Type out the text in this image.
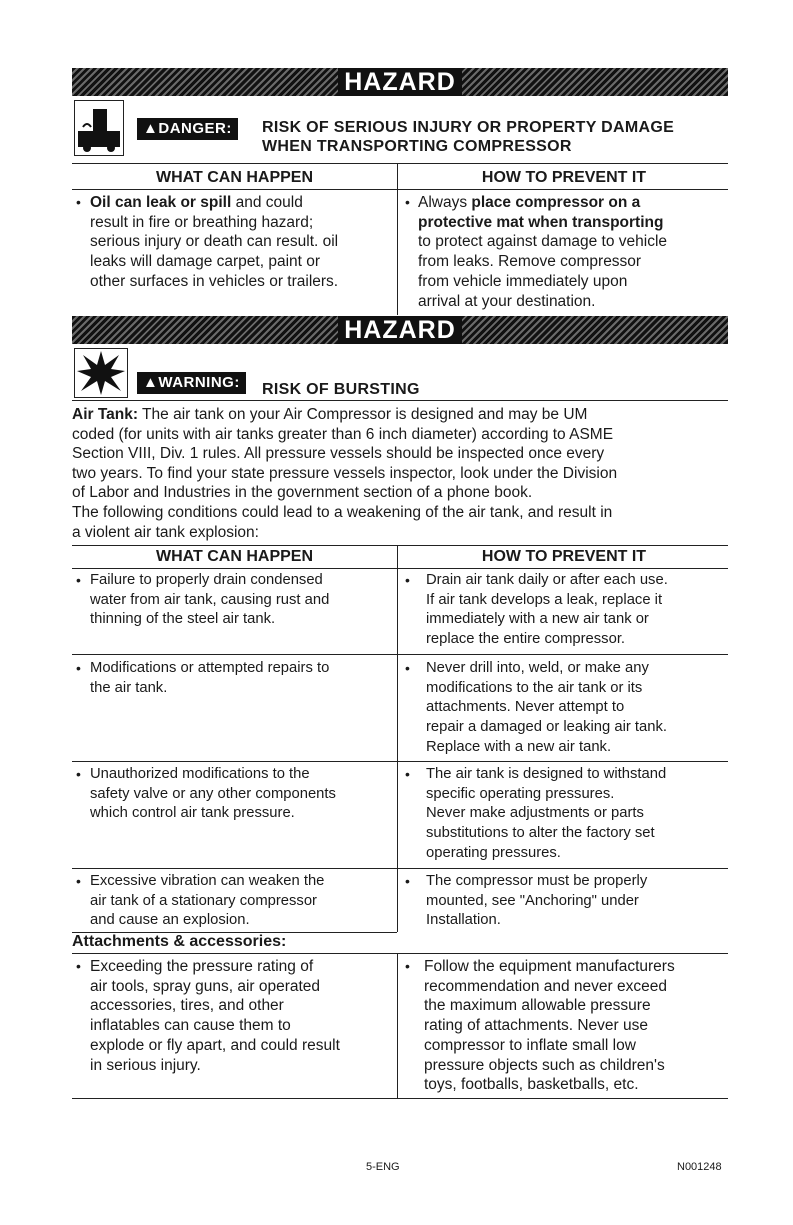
HAZARD
▲DANGER:	RISK OF SERIOUS INJURY OR PROPERTY DAMAGE
WHEN TRANSPORTING COMPRESSOR
WHAT CAN HAPPEN	HOW TO PREVENT IT
• Oil can leak or spill and could
result in fire or breathing hazard;
serious injury or death can result. oil
leaks will damage carpet, paint or
other surfaces in vehicles or trailers.
• Always place compressor on a
protective mat when transporting
to protect against damage to vehicle
from leaks. Remove compressor
from vehicle immediately upon
arrival at your destination.
HAZARD
▲WARNING:	RISK OF BURSTING
Air Tank: The air tank on your Air Compressor is designed and may be UM
coded (for units with air tanks greater than 6 inch diameter) according to ASME
Section VIII, Div. 1 rules. All pressure vessels should be inspected once every
two years. To find your state pressure vessels inspector, look under the Division
of Labor and Industries in the government section of a phone book.
The following conditions could lead to a weakening of the air tank, and result in
a violent air tank explosion:
WHAT CAN HAPPEN	HOW TO PREVENT IT
• Failure to properly drain condensed
water from air tank, causing rust and
thinning of the steel air tank.
• Drain air tank daily or after each use.
If air tank develops a leak, replace it
immediately with a new air tank or
replace the entire compressor.
• Modifications or attempted repairs to
the air tank.
• Never drill into, weld, or make any
modifications to the air tank or its
attachments. Never attempt to
repair a damaged or leaking air tank.
Replace with a new air tank.
• Unauthorized modifications to the
safety valve or any other components
which control air tank pressure.
• The air tank is designed to withstand
specific operating pressures.
Never make adjustments or parts
substitutions to alter the factory set
operating pressures.
• Excessive vibration can weaken the
air tank of a stationary compressor
and cause an explosion.
• The compressor must be properly
mounted, see "Anchoring" under
Installation.
Attachments & accessories:
• Exceeding the pressure rating of
air tools, spray guns, air operated
accessories, tires, and other
inflatables can cause them to
explode or fly apart, and could result
in serious injury.
• Follow the equipment manufacturers
recommendation and never exceed
the maximum allowable pressure
rating of attachments. Never use
compressor to inflate small low
pressure objects such as children's
toys, footballs, basketballs, etc.
5-ENG	N001248
